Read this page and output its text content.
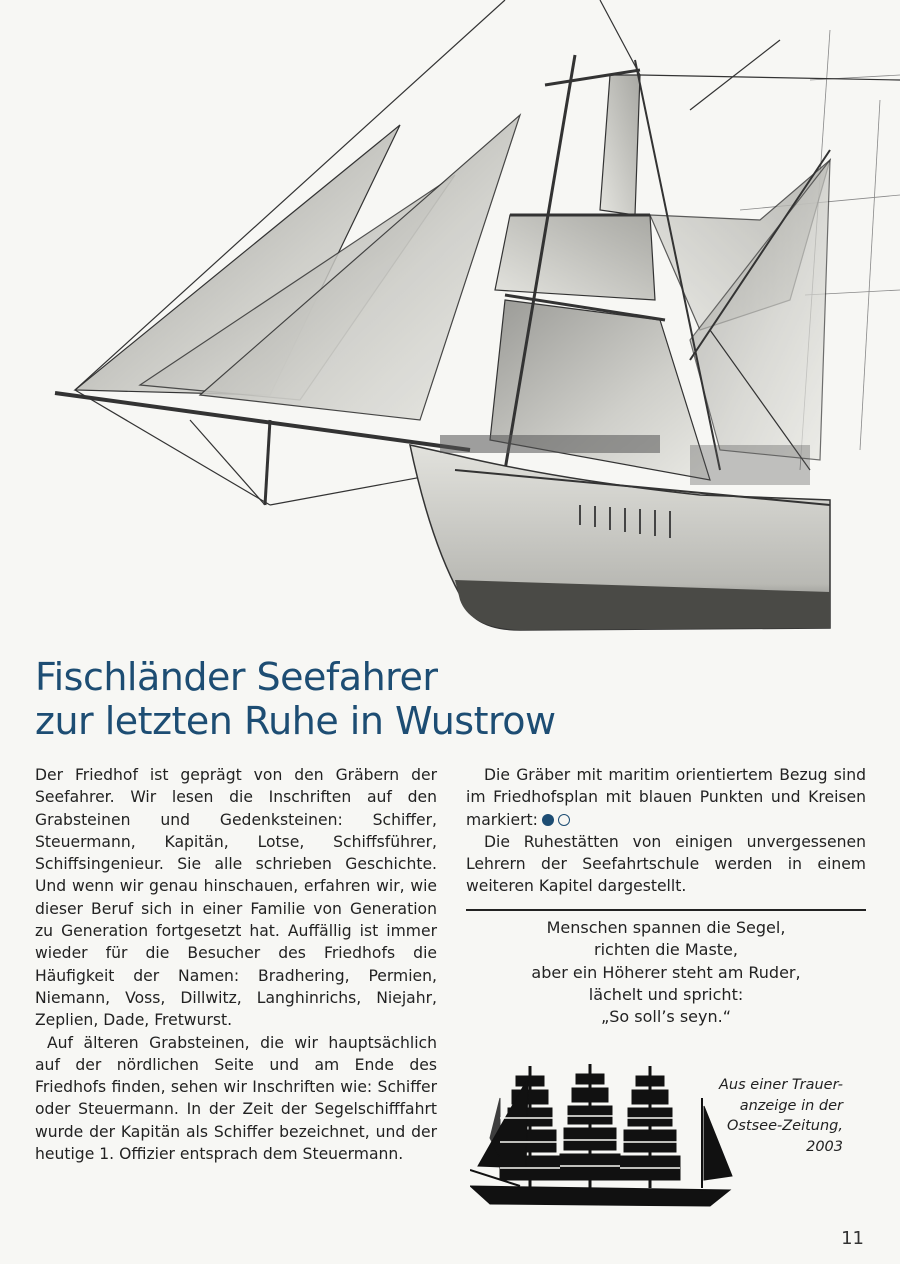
Fischländer Seefahrer
zur letzten Ruhe in Wustrow

Der Friedhof ist geprägt von den Gräbern der Seefahrer. Wir lesen die Inschriften auf den Grabsteinen und Gedenksteinen: Schiffer, Steuermann, Kapitän, Lotse, Schiffsführer, Schiffsingenieur. Sie alle schrieben Geschichte. Und wenn wir genau hinschauen, erfahren wir, wie dieser Beruf sich in einer Familie von Generation zu Generation fortgesetzt hat. Auffällig ist immer wieder für die Besucher des Friedhofs die Häufigkeit der Namen: Bradhering, Permien, Niemann, Voss, Dillwitz, Langhinrichs, Niejahr, Zeplien, Dade, Fretwurst.

Auf älteren Grabsteinen, die wir hauptsächlich auf der nördlichen Seite und am Ende des Friedhofs finden, sehen wir Inschriften wie: Schiffer oder Steuermann. In der Zeit der Segelschifffahrt wurde der Kapitän als Schiffer bezeichnet, und der heutige 1. Offizier entsprach dem Steuermann.

Die Gräber mit maritim orientiertem Bezug sind im Friedhofsplan mit blauen Punkten und Kreisen markiert:

Die Ruhestätten von einigen unvergessenen Lehrern der Seefahrtschule werden in einem weiteren Kapitel dargestellt.

Menschen spannen die Segel,
richten die Maste,
aber ein Höherer steht am Ruder,
lächelt und spricht:
„So soll’s seyn.“
Aus einer Trauer-
anzeige in der
Ostsee-Zeitung,
2003
11
